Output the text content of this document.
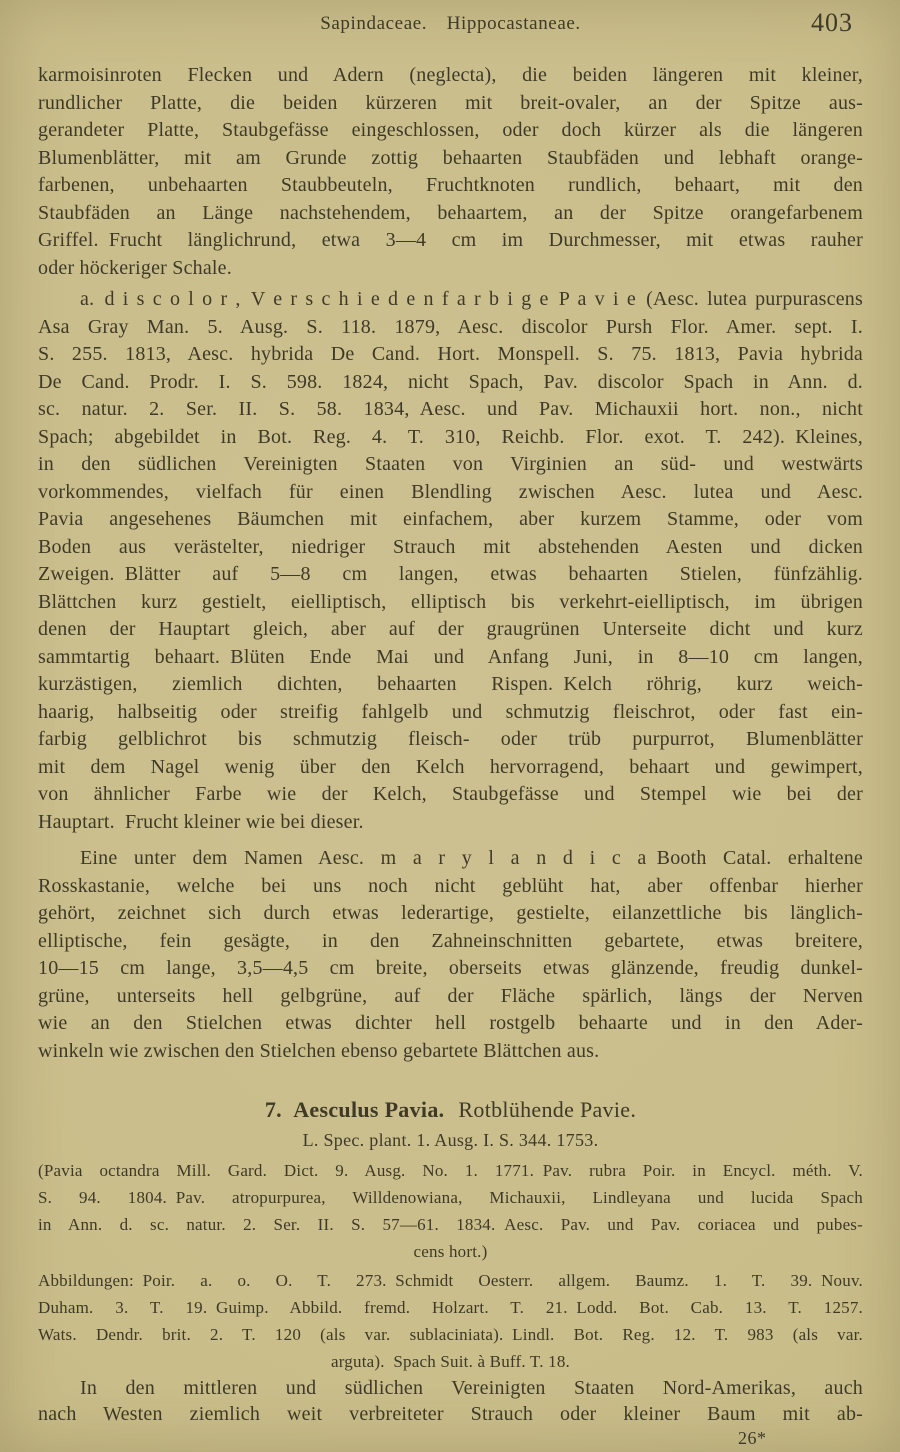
Sapindaceae. Hippocastaneae.	403
karmoisinroten Flecken und Adern (neglecta), die beiden längeren mit kleiner,
rundlicher Platte, die beiden kürzeren mit breit-ovaler, an der Spitze aus-
gerandeter Platte, Staubgefässe eingeschlossen, oder doch kürzer als die längeren
Blumenblätter, mit am Grunde zottig behaarten Staubfäden und lebhaft orange-
farbenen, unbehaarten Staubbeuteln, Fruchtknoten rundlich, behaart, mit den
Staubfäden an Länge nachstehendem, behaartem, an der Spitze orangefarbenem
Griffel. Frucht länglichrund, etwa 3—4 cm im Durchmesser, mit etwas rauher
oder höckeriger Schale.
a. d i s c o l o r , V e r s c h i e d e n f a r b i g e P a v i e (Aesc. lutea purpurascens
Asa Gray Man. 5. Ausg. S. 118. 1879, Aesc. discolor Pursh Flor. Amer. sept. I.
S. 255. 1813, Aesc. hybrida De Cand. Hort. Monspell. S. 75. 1813, Pavia hybrida
De Cand. Prodr. I. S. 598. 1824, nicht Spach, Pav. discolor Spach in Ann. d.
sc. natur. 2. Ser. II. S. 58. 1834, Aesc. und Pav. Michauxii hort. non., nicht
Spach; abgebildet in Bot. Reg. 4. T. 310, Reichb. Flor. exot. T. 242). Kleines,
in den südlichen Vereinigten Staaten von Virginien an süd- und westwärts
vorkommendes, vielfach für einen Blendling zwischen Aesc. lutea und Aesc.
Pavia angesehenes Bäumchen mit einfachem, aber kurzem Stamme, oder vom
Boden aus verästelter, niedriger Strauch mit abstehenden Aesten und dicken
Zweigen. Blätter auf 5—8 cm langen, etwas behaarten Stielen, fünfzählig.
Blättchen kurz gestielt, eielliptisch, elliptisch bis verkehrt-eielliptisch, im übrigen
denen der Hauptart gleich, aber auf der graugrünen Unterseite dicht und kurz
sammtartig behaart. Blüten Ende Mai und Anfang Juni, in 8—10 cm langen,
kurzästigen, ziemlich dichten, behaarten Rispen. Kelch röhrig, kurz weich-
haarig, halbseitig oder streifig fahlgelb und schmutzig fleischrot, oder fast ein-
farbig gelblichrot bis schmutzig fleisch- oder trüb purpurrot, Blumenblätter
mit dem Nagel wenig über den Kelch hervorragend, behaart und gewimpert,
von ähnlicher Farbe wie der Kelch, Staubgefässe und Stempel wie bei der
Hauptart. Frucht kleiner wie bei dieser.
Eine unter dem Namen Aesc. m a r y l a n d i c a Booth Catal. erhaltene
Rosskastanie, welche bei uns noch nicht geblüht hat, aber offenbar hierher
gehört, zeichnet sich durch etwas lederartige, gestielte, eilanzettliche bis länglich-
elliptische, fein gesägte, in den Zahneinschnitten gebartete, etwas breitere,
10—15 cm lange, 3,5—4,5 cm breite, oberseits etwas glänzende, freudig dunkel-
grüne, unterseits hell gelbgrüne, auf der Fläche spärlich, längs der Nerven
wie an den Stielchen etwas dichter hell rostgelb behaarte und in den Ader-
winkeln wie zwischen den Stielchen ebenso gebartete Blättchen aus.
7. Aesculus Pavia. Rotblühende Pavie.
L. Spec. plant. 1. Ausg. I. S. 344. 1753.
(Pavia octandra Mill. Gard. Dict. 9. Ausg. No. 1. 1771. Pav. rubra Poir. in Encycl. méth. V.
S. 94. 1804. Pav. atropurpurea, Willdenowiana, Michauxii, Lindleyana und lucida Spach
in Ann. d. sc. natur. 2. Ser. II. S. 57—61. 1834. Aesc. Pav. und Pav. coriacea und pubes-
cens hort.)
Abbildungen: Poir. a. o. O. T. 273. Schmidt Oesterr. allgem. Baumz. 1. T. 39. Nouv.
Duham. 3. T. 19. Guimp. Abbild. fremd. Holzart. T. 21. Lodd. Bot. Cab. 13. T. 1257.
Wats. Dendr. brit. 2. T. 120 (als var. sublaciniata). Lindl. Bot. Reg. 12. T. 983 (als var.
arguta). Spach Suit. à Buff. T. 18.
In den mittleren und südlichen Vereinigten Staaten Nord-Amerikas, auch
nach Westen ziemlich weit verbreiteter Strauch oder kleiner Baum mit ab-
26*
